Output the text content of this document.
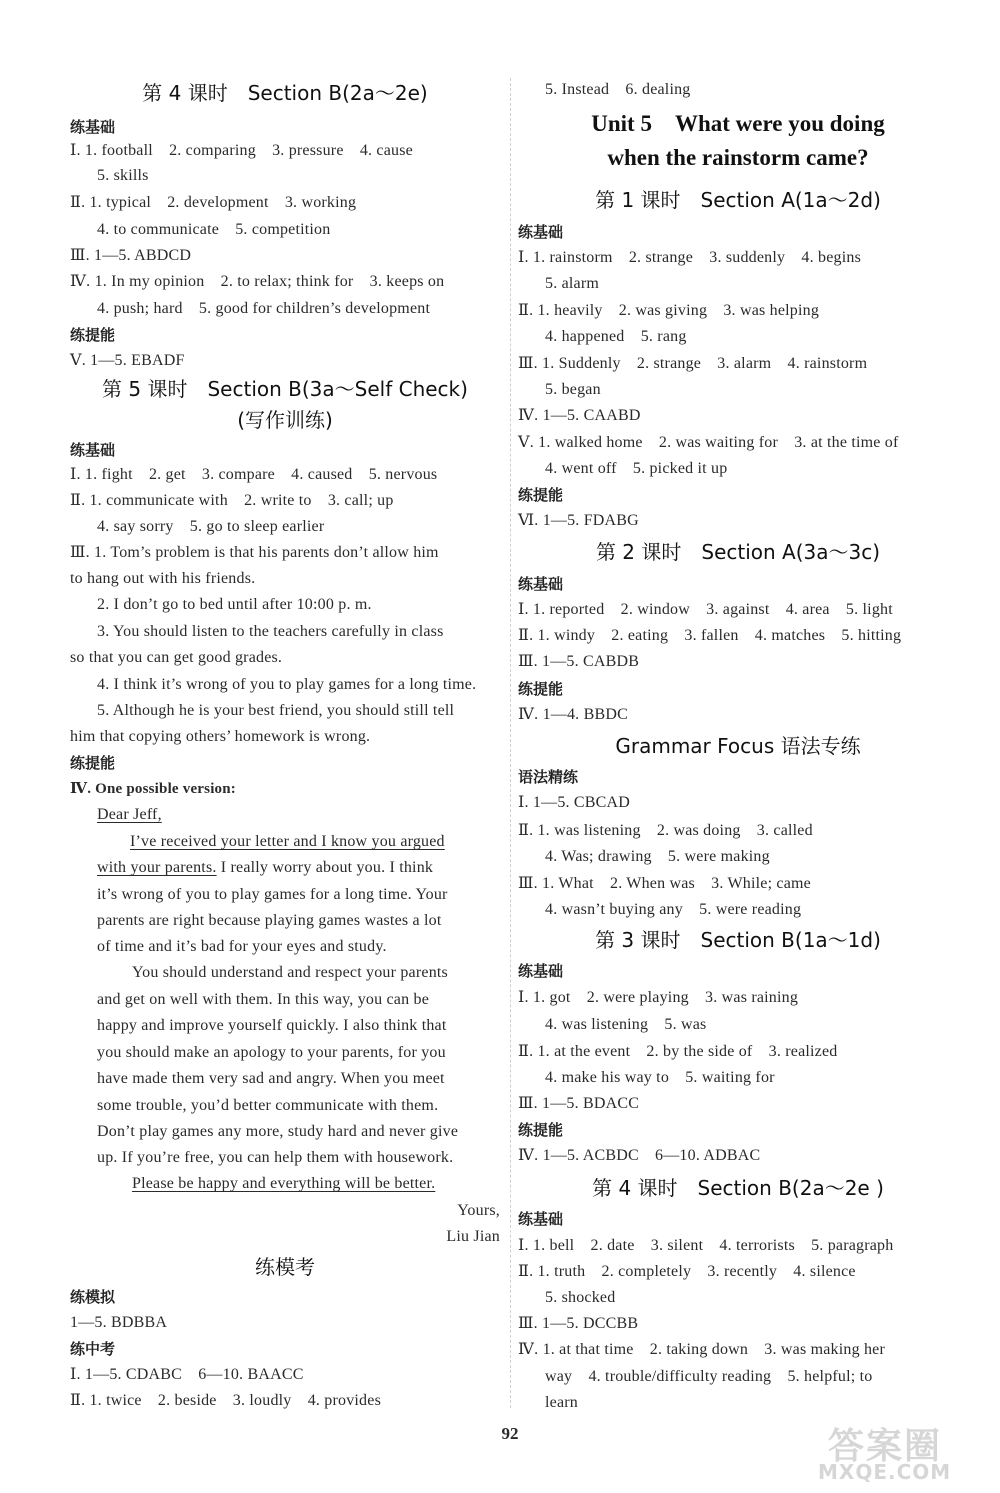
第 4 课时　Section B(2a～2e)
练基础
Ⅰ. 1. football　2. comparing　3. pressure　4. cause
5. skills
Ⅱ. 1. typical　2. development　3. working
4. to communicate　5. competition
Ⅲ. 1—5. ABDCD
Ⅳ. 1. In my opinion　2. to relax; think for　3. keeps on
4. push; hard　5. good for children’s development
练提能
Ⅴ. 1—5. EBADF
第 5 课时　Section B(3a～Self Check)
(写作训练)
练基础
Ⅰ. 1. fight　2. get　3. compare　4. caused　5. nervous
Ⅱ. 1. communicate with　2. write to　3. call; up
4. say sorry　5. go to sleep earlier
Ⅲ. 1. Tom’s problem is that his parents don’t allow him
to hang out with his friends.
2. I don’t go to bed until after 10:00 p. m.
3. You should listen to the teachers carefully in class
so that you can get good grades.
4. I think it’s wrong of you to play games for a long time.
5. Although he is your best friend, you should still tell
him that copying others’ homework is wrong.
练提能
Ⅳ. One possible version:
Dear Jeff,
I’ve received your letter and I know you argued
with your parents. I really worry about you. I think
it’s wrong of you to play games for a long time. Your
parents are right because playing games wastes a lot
of time and it’s bad for your eyes and study.
You should understand and respect your parents
and get on well with them. In this way, you can be
happy and improve yourself quickly. I also think that
you should make an apology to your parents, for you
have made them very sad and angry. When you meet
some trouble, you’d better communicate with them.
Don’t play games any more, study hard and never give
up. If you’re free, you can help them with housework.
Please be happy and everything will be better.
Yours,
Liu Jian
练模考
练模拟
1—5. BDBBA
练中考
Ⅰ. 1—5. CDABC　6—10. BAACC
Ⅱ. 1. twice　2. beside　3. loudly　4. provides
5. Instead　6. dealing
Unit 5　What were you doing
when the rainstorm came?
第 1 课时　Section A(1a～2d)
练基础
Ⅰ. 1. rainstorm　2. strange　3. suddenly　4. begins
5. alarm
Ⅱ. 1. heavily　2. was giving　3. was helping
4. happened　5. rang
Ⅲ. 1. Suddenly　2. strange　3. alarm　4. rainstorm
5. began
Ⅳ. 1—5. CAABD
Ⅴ. 1. walked home　2. was waiting for　3. at the time of
4. went off　5. picked it up
练提能
Ⅵ. 1—5. FDABG
第 2 课时　Section A(3a～3c)
练基础
Ⅰ. 1. reported　2. window　3. against　4. area　5. light
Ⅱ. 1. windy　2. eating　3. fallen　4. matches　5. hitting
Ⅲ. 1—5. CABDB
练提能
Ⅳ. 1—4. BBDC
Grammar Focus 语法专练
语法精练
Ⅰ. 1—5. CBCAD
Ⅱ. 1. was listening　2. was doing　3. called
4. Was; drawing　5. were making
Ⅲ. 1. What　2. When was　3. While; came
4. wasn’t buying any　5. were reading
第 3 课时　Section B(1a～1d)
练基础
Ⅰ. 1. got　2. were playing　3. was raining
4. was listening　5. was
Ⅱ. 1. at the event　2. by the side of　3. realized
4. make his way to　5. waiting for
Ⅲ. 1—5. BDACC
练提能
Ⅳ. 1—5. ACBDC　6—10. ADBAC
第 4 课时　Section B(2a～2e )
练基础
Ⅰ. 1. bell　2. date　3. silent　4. terrorists　5. paragraph
Ⅱ. 1. truth　2. completely　3. recently　4. silence
5. shocked
Ⅲ. 1—5. DCCBB
Ⅳ. 1. at that time　2. taking down　3. was making her
way　4. trouble/difficulty reading　5. helpful; to
learn
92	答案圈
MXQE.COM
